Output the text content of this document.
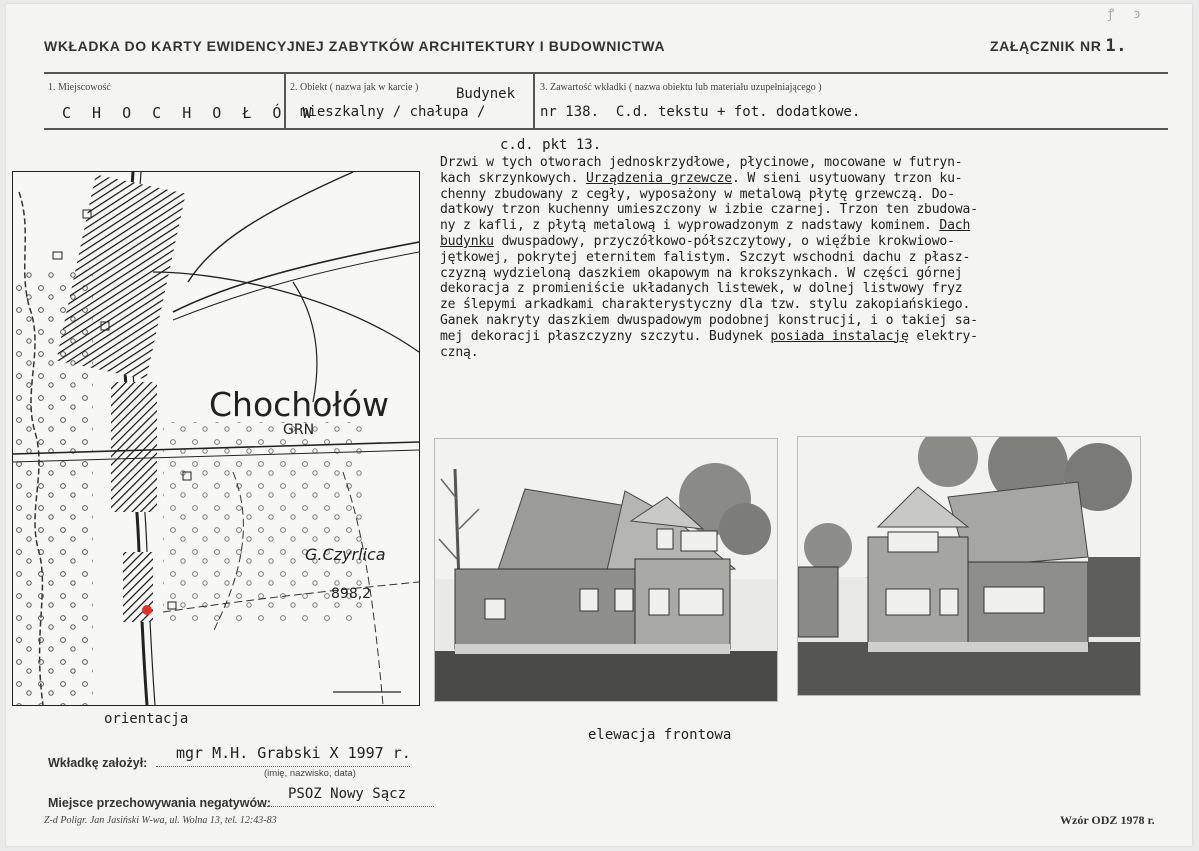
ꝭ ꜿ
WKŁADKA DO KARTY EWIDENCYJNEJ ZABYTKÓW ARCHITEKTURY I BUDOWNICTWA	ZAŁĄCZNIK NR 1.
1. Miejscowość
C H O C H O Ł Ó W
2. Obiekt ( nazwa jak w karcie )	Budynek
mieszkalny / chałupa /
3. Zawartość wkładki ( nazwa obiektu lub materiału uzupełniającego )
nr 138.  C.d. tekstu + fot. dodatkowe.
c.d. pkt 13.
Drzwi w tych otworach jednoskrzydłowe, płycinowe, mocowane w futryn-
kach skrzynkowych. Urządzenia grzewcze. W sieni usytuowany trzon ku-
chenny zbudowany z cegły, wyposażony w metalową płytę grzewczą. Do-
datkowy trzon kuchenny umieszczony w izbie czarnej. Trzon ten zbudowa-
ny z kafli, z płytą metalową i wyprowadzonym z nadstawy kominem. Dach
budynku dwuspadowy, przyczółkowo-półszczytowy, o więźbie krokwiowo-
jętkowej, pokrytej eternitem falistym. Szczyt wschodni dachu z płasz-
czyzną wydzieloną daszkiem okapowym na krokszynkach. W części górnej
dekoracja z promieniście układanych listewek, w dolnej listwowy fryz
ze ślepymi arkadkami charakterystyczny dla tzw. stylu zakopiańskiego.
Ganek nakryty daszkiem dwuspadowym podobnej konstrucji, i o takiej sa-
mej dekoracji płaszczyzny szczytu. Budynek posiada instalację elektry-
czną.
Chochołów
GRN
G.Czyrlica
898,2
orientacja
elewacja frontowa
Wkładkę założył:
mgr M.H. Grabski X 1997 r.
(imię, nazwisko, data)
Miejsce przechowywania negatywów:
PSOZ Nowy Sącz
Z-d Poligr. Jan Jasiński W-wa, ul. Wolna 13, tel. 12:43-83	Wzór ODZ 1978 r.
